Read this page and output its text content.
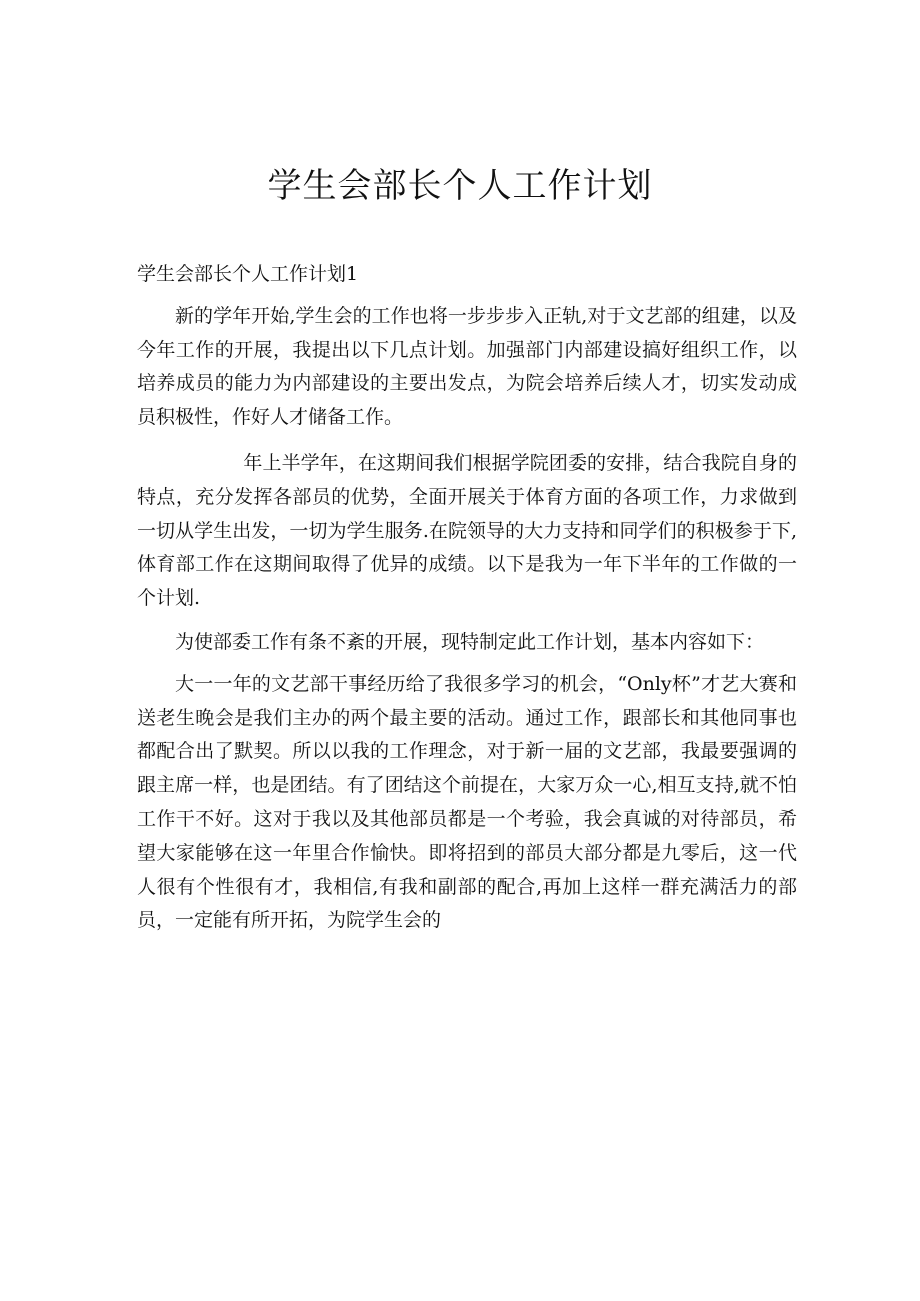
学生会部长个人工作计划

学生会部长个人工作计划1

新的学年开始,学生会的工作也将一步步步入正轨,对于文艺部的组建，以及今年工作的开展，我提出以下几点计划。加强部门内部建设搞好组织工作，以培养成员的能力为内部建设的主要出发点，为院会培养后续人才，切实发动成员积极性，作好人才储备工作。

年上半学年，在这期间我们根据学院团委的安排，结合我院自身的特点，充分发挥各部员的优势，全面开展关于体育方面的各项工作，力求做到一切从学生出发，一切为学生服务.在院领导的大力支持和同学们的积极参于下,体育部工作在这期间取得了优异的成绩。以下是我为一年下半年的工作做的一个计划.

为使部委工作有条不紊的开展，现特制定此工作计划，基本内容如下：

大一一年的文艺部干事经历给了我很多学习的机会，“Only杯”才艺大赛和送老生晚会是我们主办的两个最主要的活动。通过工作，跟部长和其他同事也都配合出了默契。所以以我的工作理念，对于新一届的文艺部，我最要强调的跟主席一样，也是团结。有了团结这个前提在，大家万众一心,相互支持,就不怕工作干不好。这对于我以及其他部员都是一个考验，我会真诚的对待部员，希望大家能够在这一年里合作愉快。即将招到的部员大部分都是九零后，这一代人很有个性很有才，我相信,有我和副部的配合,再加上这样一群充满活力的部员，一定能有所开拓，为院学生会的
